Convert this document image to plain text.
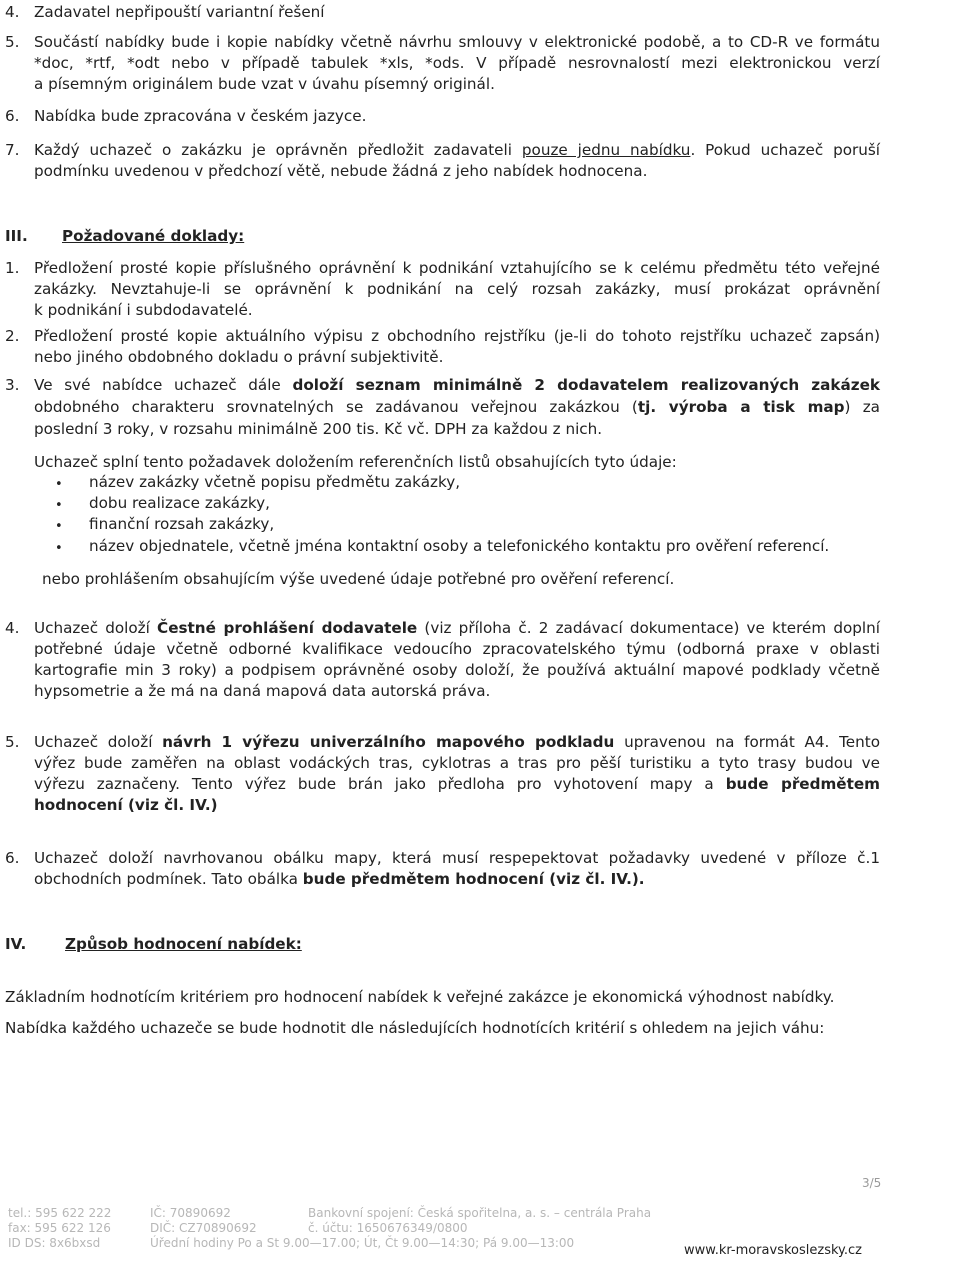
4. Zadavatel nepřipouští variantní řešení
5. Součástí nabídky bude i kopie nabídky včetně návrhu smlouvy v elektronické podobě, a to CD-R ve formátu
*doc, *rtf, *odt nebo v případě tabulek *xls, *ods. V případě nesrovnalostí mezi elektronickou verzí
a písemným originálem bude vzat v úvahu písemný originál.
6. Nabídka bude zpracována v českém jazyce.
7. Každý uchazeč o zakázku je oprávněn předložit zadavateli pouze jednu nabídku. Pokud uchazeč poruší
podmínku uvedenou v předchozí větě, nebude žádná z jeho nabídek hodnocena.
III. Požadované doklady:
1. Předložení prosté kopie příslušného oprávnění k podnikání vztahujícího se k celému předmětu této veřejné
zakázky. Nevztahuje-li se oprávnění k podnikání na celý rozsah zakázky, musí prokázat oprávnění
k podnikání i subdodavatelé.
2. Předložení prosté kopie aktuálního výpisu z obchodního rejstříku (je-li do tohoto rejstříku uchazeč zapsán)
nebo jiného obdobného dokladu o právní subjektivitě.
3. Ve své nabídce uchazeč dále doloží seznam minimálně 2 dodavatelem realizovaných zakázek
obdobného charakteru srovnatelných se zadávanou veřejnou zakázkou (tj. výroba a tisk map) za
poslední 3 roky, v rozsahu minimálně 200 tis. Kč vč. DPH za každou z nich.
Uchazeč splní tento požadavek doložením referenčních listů obsahujících tyto údaje:
• název zakázky včetně popisu předmětu zakázky,
• dobu realizace zakázky,
• finanční rozsah zakázky,
• název objednatele, včetně jména kontaktní osoby a telefonického kontaktu pro ověření referencí.
nebo prohlášením obsahujícím výše uvedené údaje potřebné pro ověření referencí.
4. Uchazeč doloží Čestné prohlášení dodavatele (viz příloha č. 2 zadávací dokumentace) ve kterém doplní
potřebné údaje včetně odborné kvalifikace vedoucího zpracovatelského týmu (odborná praxe v oblasti
kartografie min 3 roky) a podpisem oprávněné osoby doloží, že používá aktuální mapové podklady včetně
hypsometrie a že má na daná mapová data autorská práva.
5. Uchazeč doloží návrh 1 výřezu univerzálního mapového podkladu upravenou na formát A4. Tento
výřez bude zaměřen na oblast vodáckých tras, cyklotras a tras pro pěší turistiku a tyto trasy budou ve
výřezu zaznačeny. Tento výřez bude brán jako předloha pro vyhotovení mapy a bude předmětem
hodnocení (viz čl. IV.)
6. Uchazeč doloží navrhovanou obálku mapy, která musí respepektovat požadavky uvedené v příloze č.1
obchodních podmínek. Tato obálka bude předmětem hodnocení (viz čl. IV.).
IV.	Způsob hodnocení nabídek:
Základním hodnotícím kritériem pro hodnocení nabídek k veřejné zakázce je ekonomická výhodnost nabídky.
Nabídka každého uchazeče se bude hodnotit dle následujících hodnotících kritérií s ohledem na jejich váhu:
3/5
tel.: 595 622 222
fax: 595 622 126
ID DS: 8x6bxsd
IČ: 70890692
DIČ: CZ70890692
Úřední hodiny Po a St 9.00—17.00; Út, Čt 9.00—14:30; Pá 9.00—13:00
Bankovní spojení: Česká spořitelna, a. s. – centrála Praha
č. účtu: 1650676349/0800
www.kr-moravskoslezsky.cz
